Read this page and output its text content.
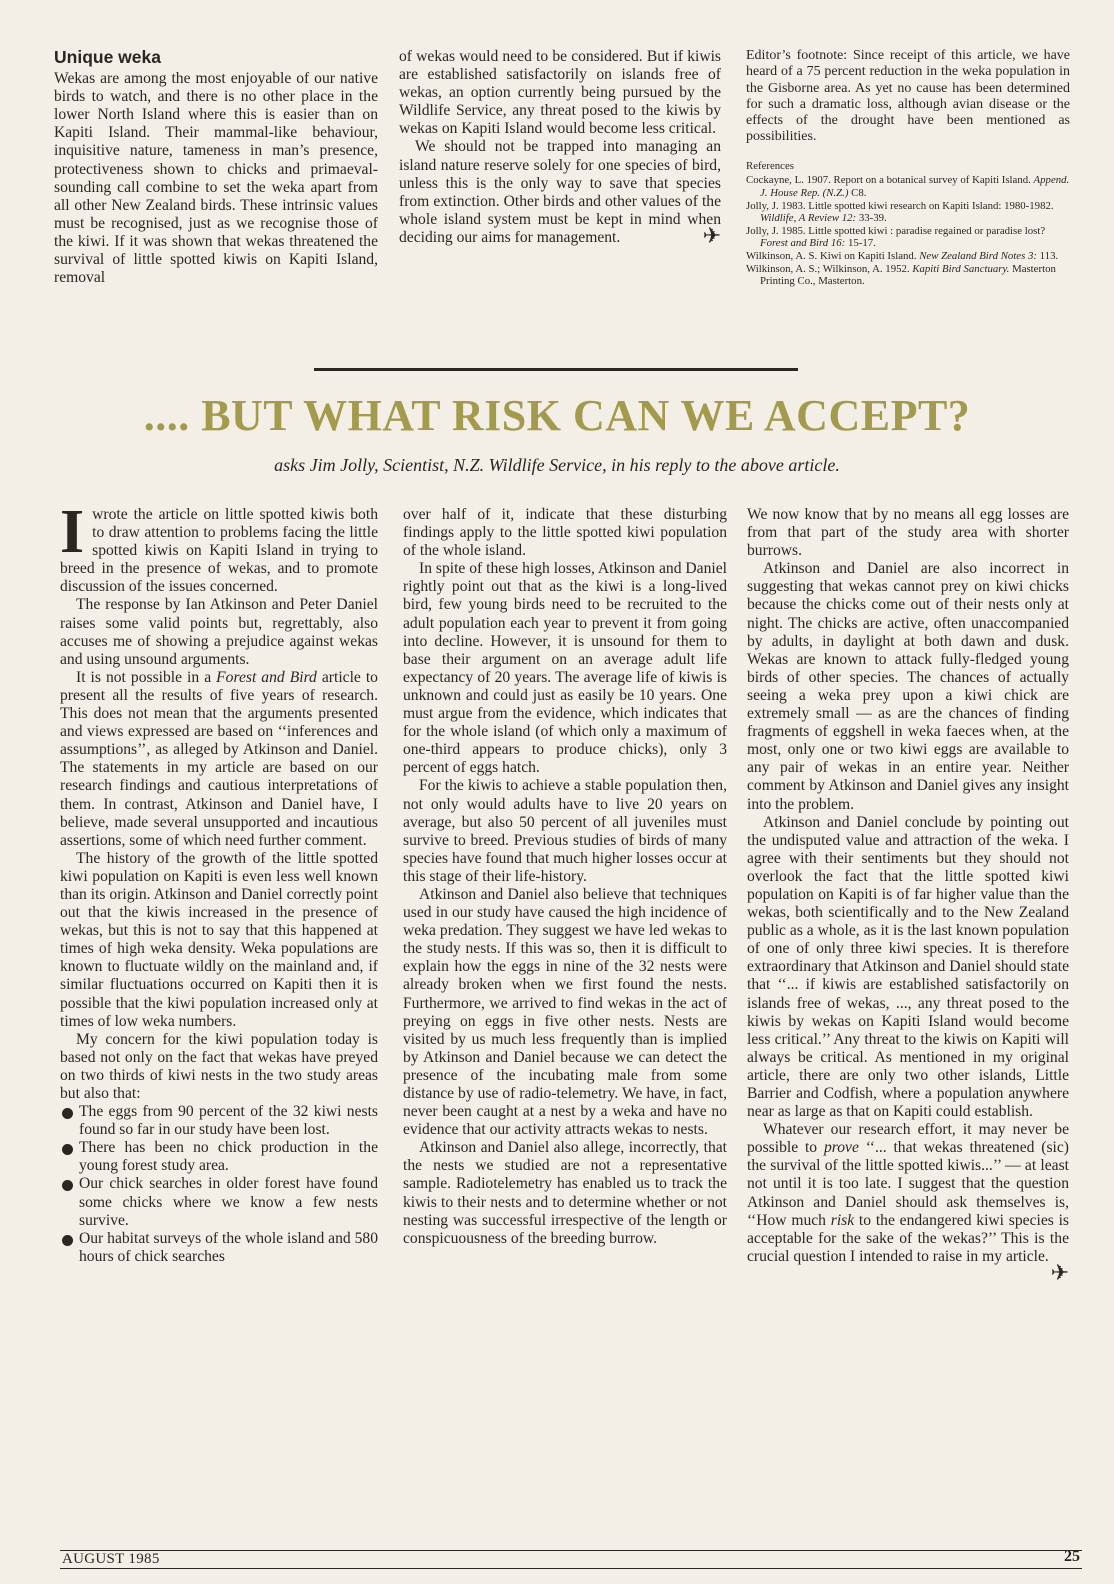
Unique weka

Wekas are among the most enjoyable of our native birds to watch, and there is no other place in the lower North Island where this is easier than on Kapiti Island. Their mammal-like behaviour, inquisitive nature, tameness in man’s presence, protectiveness shown to chicks and primaeval-sounding call combine to set the weka apart from all other New Zealand birds. These intrinsic values must be recognised, just as we recognise those of the kiwi. If it was shown that wekas threatened the survival of little spotted kiwis on Kapiti Island, removal

of wekas would need to be considered. But if kiwis are established satisfactorily on islands free of wekas, an option currently being pursued by the Wildlife Service, any threat posed to the kiwis by wekas on Kapiti Island would become less critical.

We should not be trapped into managing an island nature reserve solely for one species of bird, unless this is the only way to save that species from extinction. Other birds and other values of the whole island system must be kept in mind when deciding our aims for management.	✈

Editor’s footnote: Since receipt of this article, we have heard of a 75 percent reduction in the weka population in the Gisborne area. As yet no cause has been determined for such a dramatic loss, although avian disease or the effects of the drought have been mentioned as possibilities.

References

Cockayne, L. 1907. Report on a botanical survey of Kapiti Island. Append. J. House Rep. (N.Z.) C8.

Jolly, J. 1983. Little spotted kiwi research on Kapiti Island: 1980-1982. Wildlife, A Review 12: 33-39.

Jolly, J. 1985. Little spotted kiwi : paradise regained or paradise lost? Forest and Bird 16: 15-17.

Wilkinson, A. S. Kiwi on Kapiti Island. New Zealand Bird Notes 3: 113.

Wilkinson, A. S.; Wilkinson, A. 1952. Kapiti Bird Sanctuary. Masterton Printing Co., Masterton.

.... BUT WHAT RISK CAN WE ACCEPT?
asks Jim Jolly, Scientist, N.Z. Wildlife Service, in his reply to the above article.

Iwrote the article on little spotted kiwis both to draw attention to problems facing the little spotted kiwis on Kapiti Island in trying to breed in the presence of wekas, and to promote discussion of the issues concerned.

The response by Ian Atkinson and Peter Daniel raises some valid points but, regrettably, also accuses me of showing a prejudice against wekas and using unsound arguments.

It is not possible in a Forest and Bird article to present all the results of five years of research. This does not mean that the arguments presented and views expressed are based on ‘‘inferences and assumptions’’, as alleged by Atkinson and Daniel. The statements in my article are based on our research findings and cautious interpretations of them. In contrast, Atkinson and Daniel have, I believe, made several unsupported and incautious assertions, some of which need further comment.

The history of the growth of the little spotted kiwi population on Kapiti is even less well known than its origin. Atkinson and Daniel correctly point out that the kiwis increased in the presence of wekas, but this is not to say that this happened at times of high weka density. Weka populations are known to fluctuate wildly on the mainland and, if similar fluctuations occurred on Kapiti then it is possible that the kiwi population increased only at times of low weka numbers.

My concern for the kiwi population today is based not only on the fact that wekas have preyed on two thirds of kiwi nests in the two study areas but also that:

The eggs from 90 percent of the 32 kiwi nests found so far in our study have been lost.

There has been no chick production in the young forest study area.

Our chick searches in older forest have found some chicks where we know a few nests survive.

Our habitat surveys of the whole island and 580 hours of chick searches

over half of it, indicate that these disturbing findings apply to the little spotted kiwi population of the whole island.

In spite of these high losses, Atkinson and Daniel rightly point out that as the kiwi is a long-lived bird, few young birds need to be recruited to the adult population each year to prevent it from going into decline. However, it is unsound for them to base their argument on an average adult life expectancy of 20 years. The average life of kiwis is unknown and could just as easily be 10 years. One must argue from the evidence, which indicates that for the whole island (of which only a maximum of one-third appears to produce chicks), only 3 percent of eggs hatch.

For the kiwis to achieve a stable population then, not only would adults have to live 20 years on average, but also 50 percent of all juveniles must survive to breed. Previous studies of birds of many species have found that much higher losses occur at this stage of their life-history.

Atkinson and Daniel also believe that techniques used in our study have caused the high incidence of weka predation. They suggest we have led wekas to the study nests. If this was so, then it is difficult to explain how the eggs in nine of the 32 nests were already broken when we first found the nests. Furthermore, we arrived to find wekas in the act of preying on eggs in five other nests. Nests are visited by us much less frequently than is implied by Atkinson and Daniel because we can detect the presence of the incubating male from some distance by use of radio-telemetry. We have, in fact, never been caught at a nest by a weka and have no evidence that our activity attracts wekas to nests.

Atkinson and Daniel also allege, incorrectly, that the nests we studied are not a representative sample. Radiotelemetry has enabled us to track the kiwis to their nests and to determine whether or not nesting was successful irrespective of the length or conspicuousness of the breeding burrow.

We now know that by no means all egg losses are from that part of the study area with shorter burrows.

Atkinson and Daniel are also incorrect in suggesting that wekas cannot prey on kiwi chicks because the chicks come out of their nests only at night. The chicks are active, often unaccompanied by adults, in daylight at both dawn and dusk. Wekas are known to attack fully-fledged young birds of other species. The chances of actually seeing a weka prey upon a kiwi chick are extremely small — as are the chances of finding fragments of eggshell in weka faeces when, at the most, only one or two kiwi eggs are available to any pair of wekas in an entire year. Neither comment by Atkinson and Daniel gives any insight into the problem.

Atkinson and Daniel conclude by pointing out the undisputed value and attraction of the weka. I agree with their sentiments but they should not overlook the fact that the little spotted kiwi population on Kapiti is of far higher value than the wekas, both scientifically and to the New Zealand public as a whole, as it is the last known population of one of only three kiwi species. It is therefore extraordinary that Atkinson and Daniel should state that ‘‘... if kiwis are established satisfactorily on islands free of wekas, ..., any threat posed to the kiwis by wekas on Kapiti Island would become less critical.’’ Any threat to the kiwis on Kapiti will always be critical. As mentioned in my original article, there are only two other islands, Little Barrier and Codfish, where a population anywhere near as large as that on Kapiti could establish.

Whatever our research effort, it may never be possible to prove ‘‘... that wekas threatened (sic) the survival of the little spotted kiwis...’’ — at least not until it is too late. I suggest that the question Atkinson and Daniel should ask themselves is, ‘‘How much risk to the endangered kiwi species is acceptable for the sake of the wekas?’’ This is the crucial question I intended to raise in my article.
✈

AUGUST 1985	25
